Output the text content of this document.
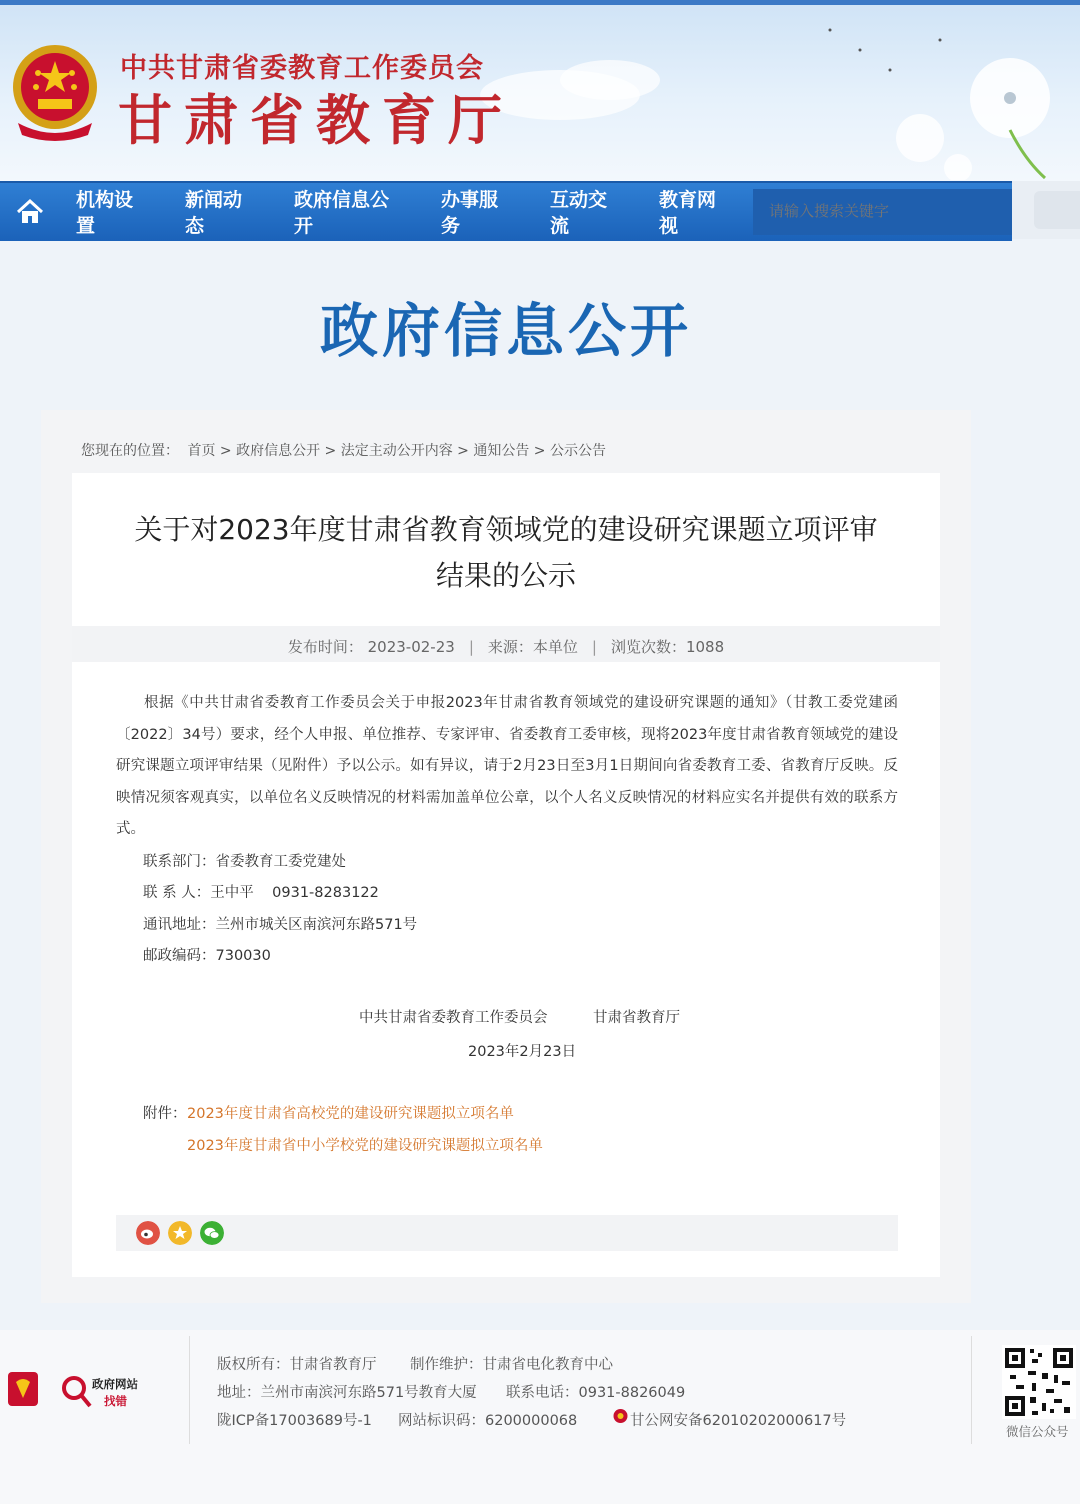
中共甘肃省委教育工作委员会
甘肃省教育厅
机构设
置
新闻动
态
政府信息公
开
办事服
务
互动交
流
教育网
视
请输入搜索关键字
政府信息公开
您现在的位置： 首页 > 政府信息公开 > 法定主动公开内容 > 通知公告 > 公示公告
关于对2023年度甘肃省教育领域党的建设研究课题立项评审
结果的公示
发布时间： 2023-02-23 | 来源：本单位 | 浏览次数：1088
根据《中共甘肃省委教育工作委员会关于申报2023年甘肃省教育领域党的建设研究课题的通知》（甘教工委党建函〔2022〕34号）要求，经个人申报、单位推荐、专家评审、省委教育工委审核，现将2023年度甘肃省教育领域党的建设研究课题立项评审结果（见附件）予以公示。如有异议，请于2月23日至3月1日期间向省委教育工委、省教育厅反映。反映情况须客观真实，以单位名义反映情况的材料需加盖单位公章，以个人名义反映情况的材料应实名并提供有效的联系方式。
联系部门：省委教育工委党建处
联 系 人：王中平    0931-8283122
通讯地址：兰州市城关区南滨河东路571号
邮政编码：730030
中共甘肃省委教育工作委员会	甘肃省教育厅
2023年2月23日
附件： 2023年度甘肃省高校党的建设研究课题拟立项名单
2023年度甘肃省中小学校党的建设研究课题拟立项名单
政府网站
找错
版权所有：甘肃省教育厅 制作维护：甘肃省电化教育中心
地址：兰州市南滨河东路571号教育大厦 联系电话：0931-8826049
陇ICP备17003689号-1 网站标识码：6200000068	甘公网安备62010202000617号
微信公众号
